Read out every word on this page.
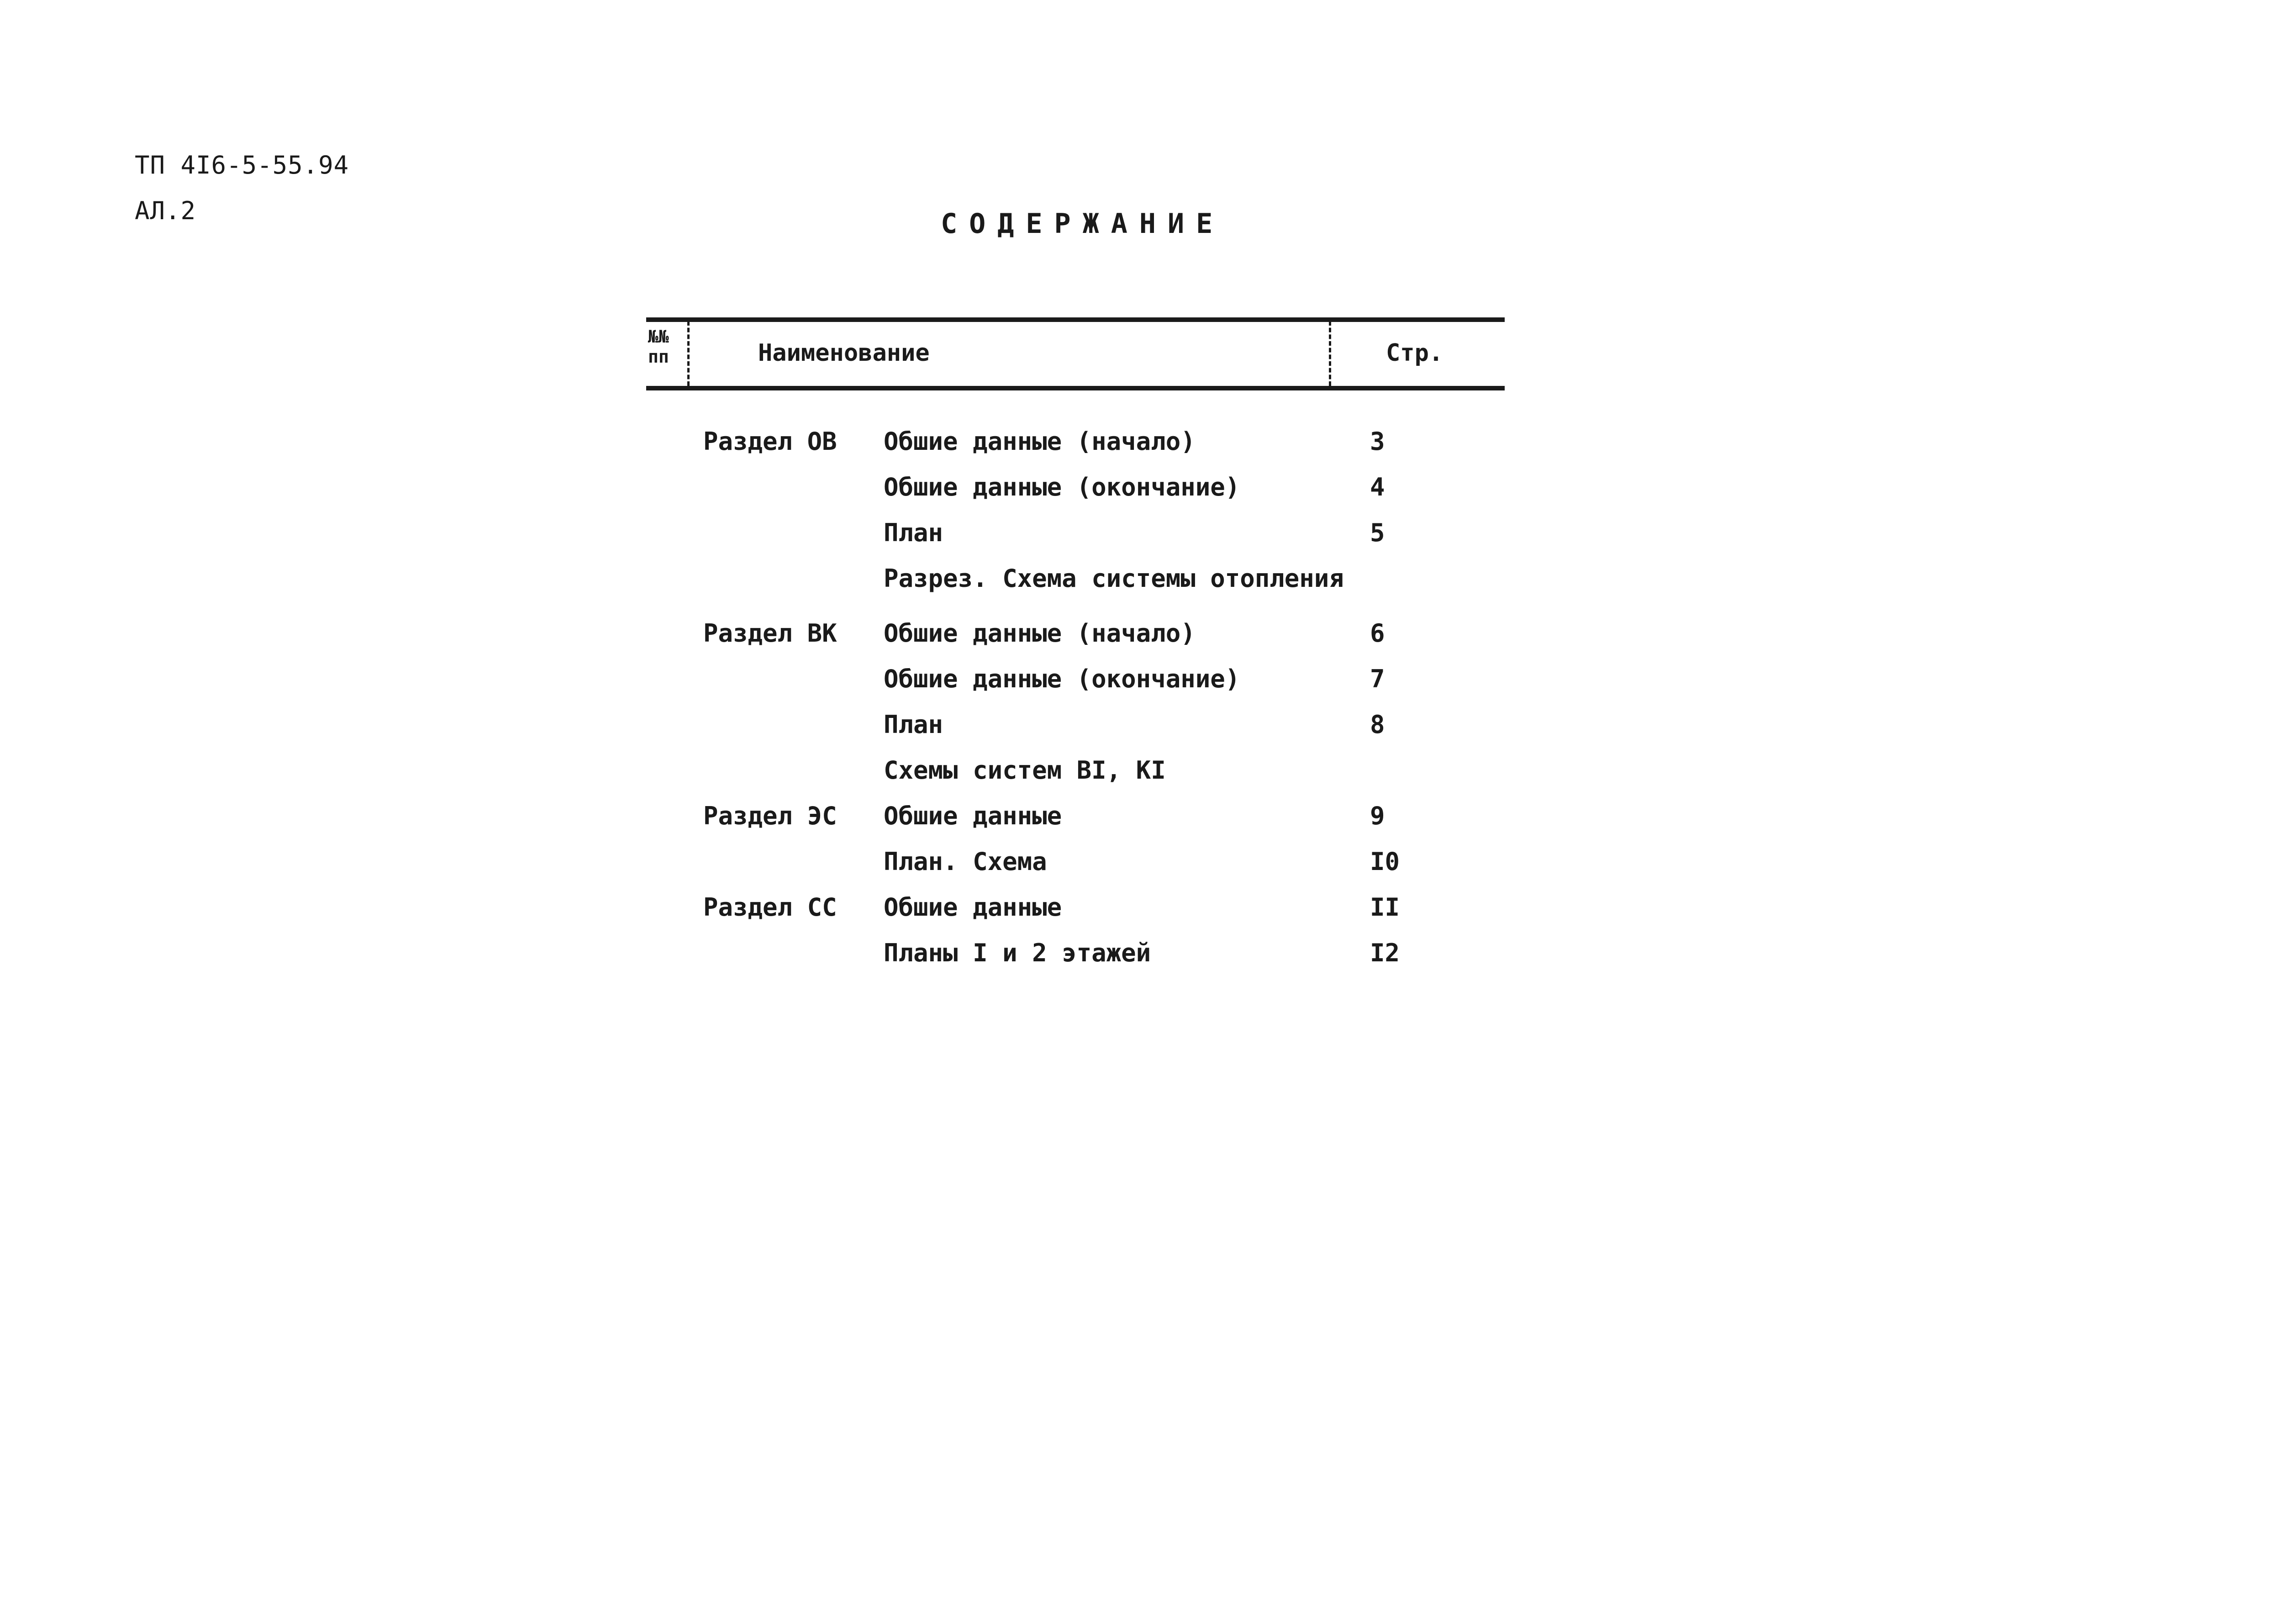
ТП 4I6-5-55.94
АЛ.2	СОДЕРЖАНИЕ
№№
пп	Наименование	Стр.
Раздел ОВ Обшие данные (начало)	3
Обшие данные (окончание)	4
План	5
Разрез. Схема системы отопления
Раздел ВК Обшие данные (начало)	6
Обшие данные (окончание)	7
План	8
Схемы систем BI, KI
Раздел ЭС Обшие данные	9
План. Схема	I0
Раздел СС Обшие данные	II
Планы I и 2 этажей	I2
